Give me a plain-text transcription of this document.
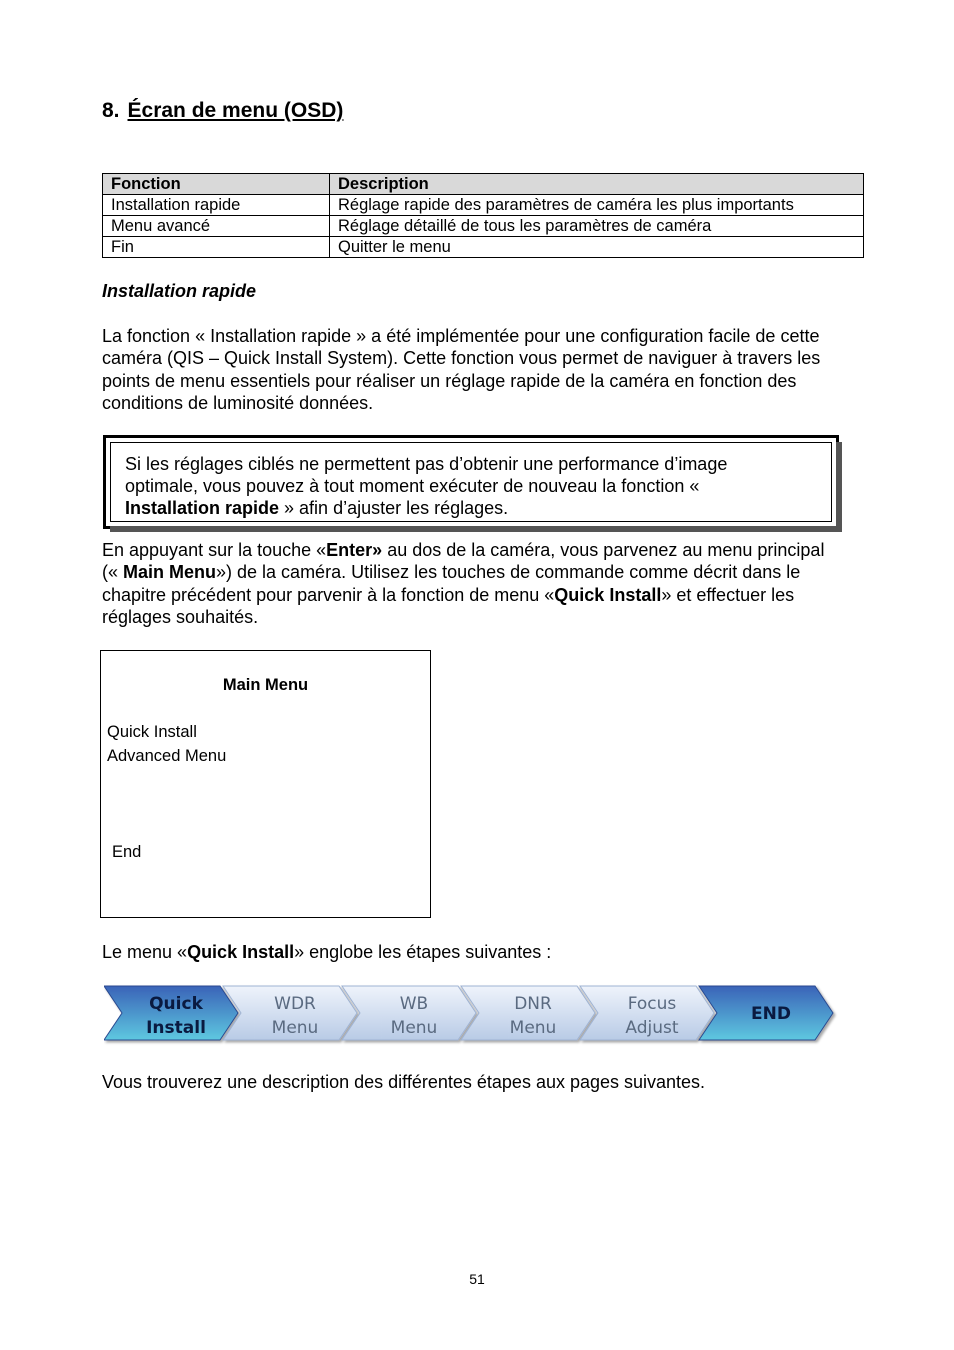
8. Écran de menu (OSD)
Fonction	Description
Installation rapide	Réglage rapide des paramètres de caméra les plus importants
Menu avancé	Réglage détaillé de tous les paramètres de caméra
Fin	Quitter le menu
Installation rapide

La fonction « Installation rapide » a été implémentée pour une configuration facile de cette
caméra (QIS – Quick Install System). Cette fonction vous permet de naviguer à travers les
points de menu essentiels pour réaliser un réglage rapide de la caméra en fonction des
conditions de luminosité données.

Si les réglages ciblés ne permettent pas d’obtenir une performance d’image
optimale, vous pouvez à tout moment exécuter de nouveau la fonction «
Installation rapide » afin d’ajuster les réglages.

En appuyant sur la touche «Enter» au dos de la caméra, vous parvenez au menu principal
(« Main Menu») de la caméra. Utilisez les touches de commande comme décrit dans le
chapitre précédent pour parvenir à la fonction de menu «Quick Install» et effectuer les
réglages souhaités.

Main Menu
Quick Install
Advanced Menu
End

Le menu «Quick Install» englobe les étapes suivantes :

Quick
Install
WDR
Menu
WB
Menu
DNR
Menu
Focus
Adjust
END

Vous trouverez une description des différentes étapes aux pages suivantes.

51
